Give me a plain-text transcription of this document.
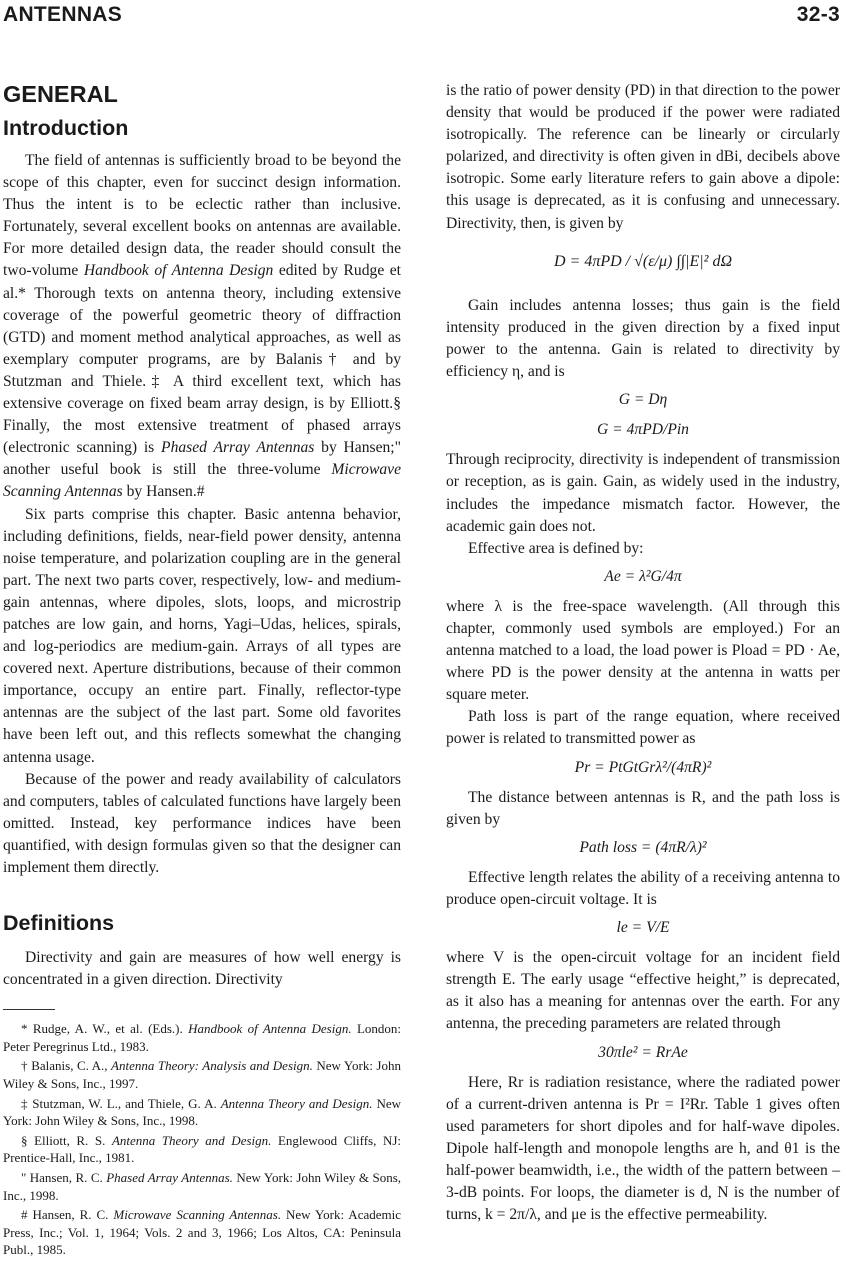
ANTENNAS	32-3
GENERAL
Introduction

The field of antennas is sufficiently broad to be beyond the scope of this chapter, even for succinct design information. Thus the intent is to be eclectic rather than inclusive. Fortunately, several excellent books on antennas are available. For more detailed design data, the reader should consult the two-volume Handbook of Antenna Design edited by Rudge et al.* Thorough texts on antenna theory, including extensive coverage of the powerful geometric theory of diffraction (GTD) and moment method analytical approaches, as well as exemplary computer programs, are by Balanis† and by Stutzman and Thiele.‡ A third excellent text, which has extensive coverage on fixed beam array design, is by Elliott.§ Finally, the most extensive treatment of phased arrays (electronic scanning) is Phased Array Antennas by Hansen;" another useful book is still the three-volume Microwave Scanning Antennas by Hansen.#

Six parts comprise this chapter. Basic antenna behavior, including definitions, fields, near-field power density, antenna noise temperature, and polarization coupling are in the general part. The next two parts cover, respectively, low- and medium-gain antennas, where dipoles, slots, loops, and microstrip patches are low gain, and horns, Yagi–Udas, helices, spirals, and log-periodics are medium-gain. Arrays of all types are covered next. Aperture distributions, because of their common importance, occupy an entire part. Finally, reflector-type antennas are the subject of the last part. Some old favorites have been left out, and this reflects somewhat the changing antenna usage.

Because of the power and ready availability of calculators and computers, tables of calculated functions have largely been omitted. Instead, key performance indices have been quantified, with design formulas given so that the designer can implement them directly.

Definitions

Directivity and gain are measures of how well energy is concentrated in a given direction. Directivity

* Rudge, A. W., et al. (Eds.). Handbook of Antenna Design. London: Peter Peregrinus Ltd., 1983.

† Balanis, C. A., Antenna Theory: Analysis and Design. New York: John Wiley & Sons, Inc., 1997.

‡ Stutzman, W. L., and Thiele, G. A. Antenna Theory and Design. New York: John Wiley & Sons, Inc., 1998.

§ Elliott, R. S. Antenna Theory and Design. Englewood Cliffs, NJ: Prentice-Hall, Inc., 1981.

" Hansen, R. C. Phased Array Antennas. New York: John Wiley & Sons, Inc., 1998.

# Hansen, R. C. Microwave Scanning Antennas. New York: Academic Press, Inc.; Vol. 1, 1964; Vols. 2 and 3, 1966; Los Altos, CA: Peninsula Publ., 1985.

is the ratio of power density (PD) in that direction to the power density that would be produced if the power were radiated isotropically. The reference can be linearly or circularly polarized, and directivity is often given in dBi, decibels above isotropic. Some early literature refers to gain above a dipole: this usage is deprecated, as it is confusing and unnecessary. Directivity, then, is given by

D = 4πPD / √(ε/μ) ∫∫|E|² dΩ

Gain includes antenna losses; thus gain is the field intensity produced in the given direction by a fixed input power to the antenna. Gain is related to directivity by efficiency η, and is

G = Dη
G = 4πPD/Pin

Through reciprocity, directivity is independent of transmission or reception, as is gain. Gain, as widely used in the industry, includes the impedance mismatch factor. However, the academic gain does not.

Effective area is defined by:

Ae = λ²G/4π

where λ is the free-space wavelength. (All through this chapter, commonly used symbols are employed.) For an antenna matched to a load, the load power is Pload = PD · Ae, where PD is the power density at the antenna in watts per square meter.

Path loss is part of the range equation, where received power is related to transmitted power as

Pr = PtGtGrλ²/(4πR)²

The distance between antennas is R, and the path loss is given by

Path loss = (4πR/λ)²

Effective length relates the ability of a receiving antenna to produce open-circuit voltage. It is

le = V/E

where V is the open-circuit voltage for an incident field strength E. The early usage “effective height,” is deprecated, as it also has a meaning for antennas over the earth. For any antenna, the preceding parameters are related through

30πle² = RrAe

Here, Rr is radiation resistance, where the radiated power of a current-driven antenna is Pr = I²Rr. Table 1 gives often used parameters for short dipoles and for half-wave dipoles. Dipole half-length and monopole lengths are h, and θ1 is the half-power beamwidth, i.e., the width of the pattern between –3-dB points. For loops, the diameter is d, N is the number of turns, k = 2π/λ, and μe is the effective permeability.
